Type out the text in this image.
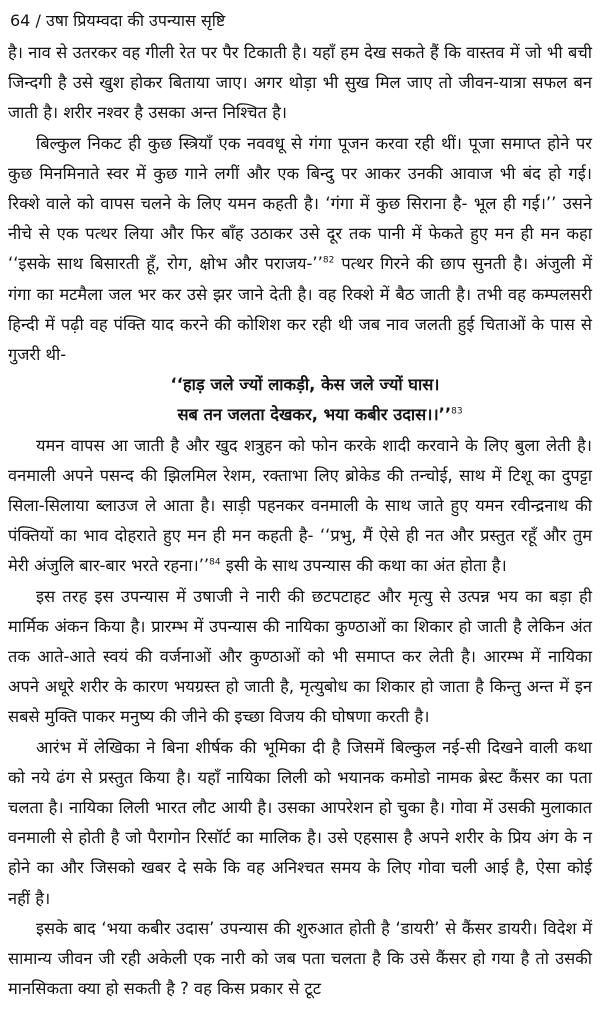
64 / उषा प्रियम्वदा की उपन्यास सृष्टि

है। नाव से उतरकर वह गीली रेत पर पैर टिकाती है। यहाँ हम देख सकते हैं कि वास्तव में जो भी बची जिन्दगी है उसे खुश होकर बिताया जाए। अगर थोड़ा भी सुख मिल जाए तो जीवन-यात्रा सफल बन जाती है। शरीर नश्वर है उसका अन्त निश्चित है।

बिल्कुल निकट ही कुछ स्त्रियाँ एक नववधू से गंगा पूजन करवा रही थीं। पूजा समाप्त होने पर कुछ मिनमिनाते स्वर में कुछ गाने लगीं और एक बिन्दु पर आकर उनकी आवाज भी बंद हो गई। रिक्शे वाले को वापस चलने के लिए यमन कहती है। ‘गंगा में कुछ सिराना है- भूल ही गई।’’ उसने नीचे से एक पत्थर लिया और फिर बाँह उठाकर उसे दूर तक पानी में फेकते हुए मन ही मन कहा ‘‘इसके साथ बिसारती हूँ, रोग, क्षोभ और पराजय-’’$^{82}$ पत्थर गिरने की छाप सुनती है। अंजुली में गंगा का मटमैला जल भर कर उसे झर जाने देती है। वह रिक्शे में बैठ जाती है। तभी वह कम्पलसरी हिन्दी में पढ़ी वह पंक्ति याद करने की कोशिश कर रही थी जब नाव जलती हुई चिताओं के पास से गुजरी थी-

‘‘हाड़ जले ज्यों लाकड़ी, केस जले ज्यों घास।
सब तन जलता देखकर, भया कबीर उदास।।’’$^{83}$

यमन वापस आ जाती है और खुद शत्रुहन को फोन करके शादी करवाने के लिए बुला लेती है। वनमाली अपने पसन्द की झिलमिल रेशम, रक्ताभा लिए ब्रोकेड की तन्चोई, साथ में टिशू का दुपट्टा सिला-सिलाया ब्लाउज ले आता है। साड़ी पहनकर वनमाली के साथ जाते हुए यमन रवीन्द्रनाथ की पंक्तियों का भाव दोहराते हुए मन ही मन कहती है- ‘‘प्रभु, मैं ऐसे ही नत और प्रस्तुत रहूँ और तुम मेरी अंजुलि बार-बार भरते रहना।’’$^{84}$ इसी के साथ उपन्यास की कथा का अंत होता है।

इस तरह इस उपन्यास में उषाजी ने नारी की छटपटाहट और मृत्यु से उत्पन्न भय का बड़ा ही मार्मिक अंकन किया है। प्रारम्भ में उपन्यास की नायिका कुण्ठाओं का शिकार हो जाती है लेकिन अंत तक आते-आते स्वयं की वर्जनाओं और कुण्ठाओं को भी समाप्त कर लेती है। आरम्भ में नायिका अपने अधूरे शरीर के कारण भयग्रस्त हो जाती है, मृत्युबोध का शिकार हो जाता है किन्तु अन्त में इन सबसे मुक्ति पाकर मनुष्य की जीने की इच्छा विजय की घोषणा करती है।

आरंभ में लेखिका ने बिना शीर्षक की भूमिका दी है जिसमें बिल्कुल नई-सी दिखने वाली कथा को नये ढंग से प्रस्तुत किया है। यहाँ नायिका लिली को भयानक कमोडो नामक ब्रेस्ट कैंसर का पता चलता है। नायिका लिली भारत लौट आयी है। उसका आपरेशन हो चुका है। गोवा में उसकी मुलाकात वनमाली से होती है जो पैरागोन रिसॉर्ट का मालिक है। उसे एहसास है अपने शरीर के प्रिय अंग के न होने का और जिसको खबर दे सके कि वह अनिश्चत समय के लिए गोवा चली आई है, ऐसा कोई नहीं है।

इसके बाद ‘भया कबीर उदास’ उपन्यास की शुरुआत होती है ‘डायरी’ से कैंसर डायरी। विदेश में सामान्य जीवन जी रही अकेली एक नारी को जब पता चलता है कि उसे कैंसर हो गया है तो उसकी मानसिकता क्या हो सकती है ? वह किस प्रकार से टूट
